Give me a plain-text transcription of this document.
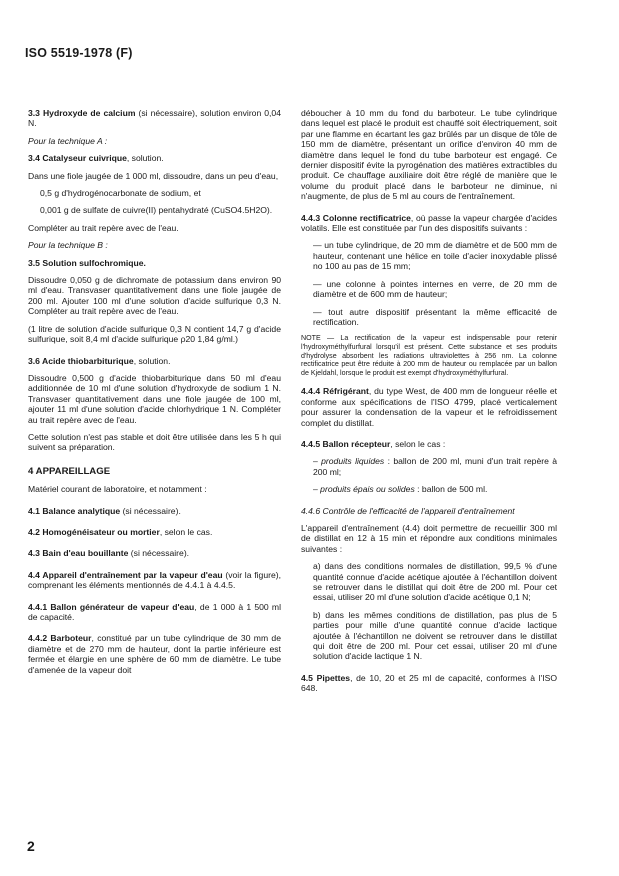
ISO 5519-1978 (F)

3.3 Hydroxyde de calcium (si nécessaire), solution environ 0,04 N.

Pour la technique A :

3.4 Catalyseur cuivrique, solution.

Dans une fiole jaugée de 1 000 ml, dissoudre, dans un peu d'eau,

0,5 g d'hydrogénocarbonate de sodium, et

0,001 g de sulfate de cuivre(II) pentahydraté (CuSO4.5H2O).

Compléter au trait repère avec de l'eau.

Pour la technique B :

3.5 Solution sulfochromique.

Dissoudre 0,050 g de dichromate de potassium dans environ 90 ml d'eau. Transvaser quantitativement dans une fiole jaugée de 200 ml. Ajouter 100 ml d'une solution d'acide sulfurique 0,3 N. Compléter au trait repère avec de l'eau.

(1 litre de solution d'acide sulfurique 0,3 N contient 14,7 g d'acide sulfurique, soit 8,4 ml d'acide sulfurique ρ20 1,84 g/ml.)

3.6 Acide thiobarbiturique, solution.

Dissoudre 0,500 g d'acide thiobarbiturique dans 50 ml d'eau additionnée de 10 ml d'une solution d'hydroxyde de sodium 1 N. Transvaser quantitativement dans une fiole jaugée de 100 ml, ajouter 11 ml d'une solution d'acide chlorhydrique 1 N. Compléter au trait repère avec de l'eau.

Cette solution n'est pas stable et doit être utilisée dans les 5 h qui suivent sa préparation.

4 APPAREILLAGE

Matériel courant de laboratoire, et notamment :

4.1 Balance analytique (si nécessaire).

4.2 Homogénéisateur ou mortier, selon le cas.

4.3 Bain d'eau bouillante (si nécessaire).

4.4 Appareil d'entraînement par la vapeur d'eau (voir la figure), comprenant les éléments mentionnés de 4.4.1 à 4.4.5.

4.4.1 Ballon générateur de vapeur d'eau, de 1 000 à 1 500 ml de capacité.

4.4.2 Barboteur, constitué par un tube cylindrique de 30 mm de diamètre et de 270 mm de hauteur, dont la partie inférieure est fermée et élargie en une sphère de 60 mm de diamètre. Le tube d'amenée de la vapeur doit

déboucher à 10 mm du fond du barboteur. Le tube cylindrique dans lequel est placé le produit est chauffé soit électriquement, soit par une flamme en écartant les gaz brûlés par un disque de tôle de 150 mm de diamètre, présentant un orifice d'environ 40 mm de diamètre dans lequel le fond du tube barboteur est engagé. Ce dernier dispositif évite la pyrogénation des matières extractibles du produit. Ce chauffage auxiliaire doit être réglé de manière que le volume du produit placé dans le barboteur ne diminue, ni n'augmente, de plus de 5 ml au cours de l'entraînement.

4.4.3 Colonne rectificatrice, où passe la vapeur chargée d'acides volatils. Elle est constituée par l'un des dispositifs suivants :

— un tube cylindrique, de 20 mm de diamètre et de 500 mm de hauteur, contenant une hélice en toile d'acier inoxydable plissé no 100 au pas de 15 mm;

— une colonne à pointes internes en verre, de 20 mm de diamètre et de 600 mm de hauteur;

— tout autre dispositif présentant la même efficacité de rectification.

NOTE — La rectification de la vapeur est indispensable pour retenir l'hydroxyméthylfurfural lorsqu'il est présent. Cette substance et ses produits d'hydrolyse absorbent les radiations ultraviolettes à 256 nm. La colonne rectificatrice peut être réduite à 200 mm de hauteur ou remplacée par un ballon de Kjeldahl, lorsque le produit est exempt d'hydroxyméthylfurfural.

4.4.4 Réfrigérant, du type West, de 400 mm de longueur réelle et conforme aux spécifications de l'ISO 4799, placé verticalement pour assurer la condensation de la vapeur et le refroidissement complet du distillat.

4.4.5 Ballon récepteur, selon le cas :

– produits liquides : ballon de 200 ml, muni d'un trait repère à 200 ml;

– produits épais ou solides : ballon de 500 ml.

4.4.6 Contrôle de l'efficacité de l'appareil d'entraînement

L'appareil d'entraînement (4.4) doit permettre de recueillir 300 ml de distillat en 12 à 15 min et répondre aux conditions minimales suivantes :

a) dans des conditions normales de distillation, 99,5 % d'une quantité connue d'acide acétique ajoutée à l'échantillon doivent se retrouver dans le distillat qui doit être de 200 ml. Pour cet essai, utiliser 20 ml d'une solution d'acide acétique 0,1 N;

b) dans les mêmes conditions de distillation, pas plus de 5 parties pour mille d'une quantité connue d'acide lactique ajoutée à l'échantillon ne doivent se retrouver dans le distillat qui doit être de 200 ml. Pour cet essai, utiliser 20 ml d'une solution d'acide lactique 1 N.

4.5 Pipettes, de 10, 20 et 25 ml de capacité, conformes à l'ISO 648.

2
